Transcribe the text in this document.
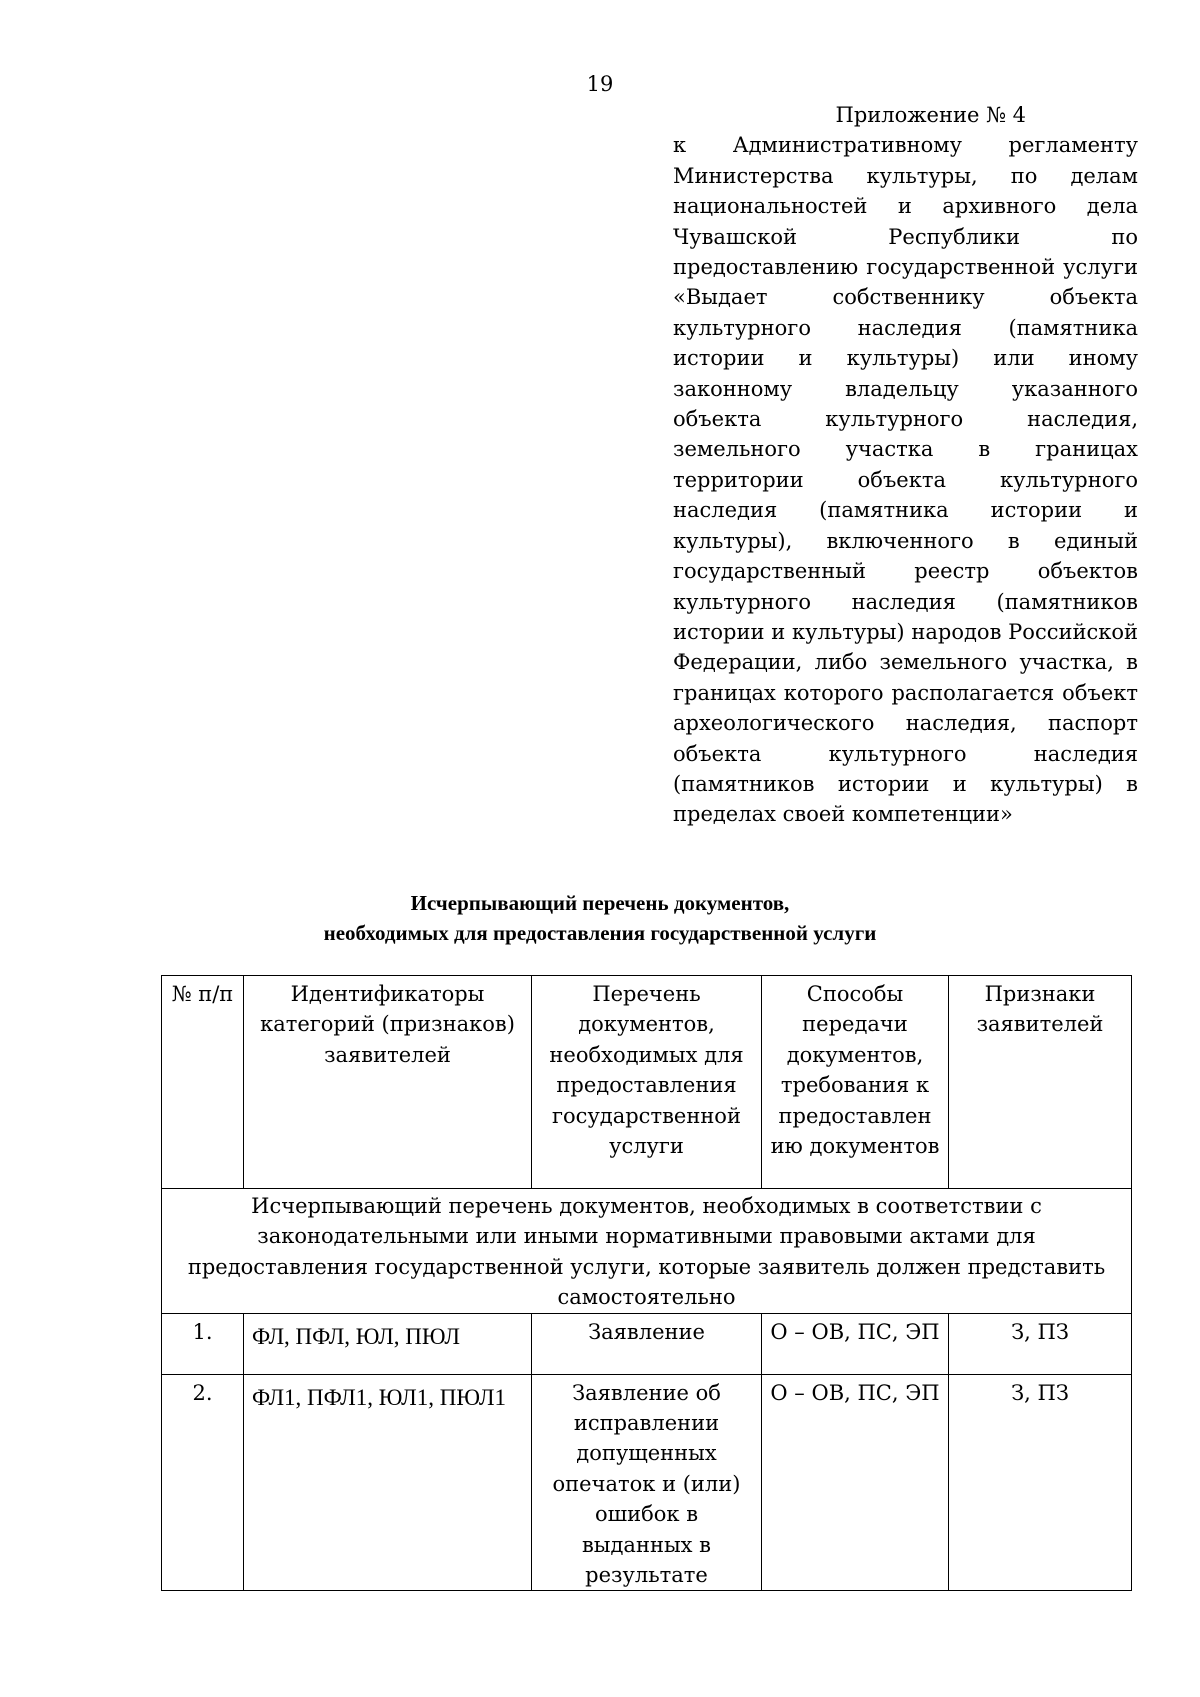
19
Приложение № 4
к Административному регламенту Министерства культуры, по делам национальностей и архивного дела Чувашской Республики по предоставлению государственной услуги «Выдает собственнику объекта культурного наследия (памятника истории и культуры) или иному законному владельцу указанного объекта культурного наследия, земельного участка в границах территории объекта культурного наследия (памятника истории и культуры), включенного в единый государственный реестр объектов культурного наследия (памятников истории и культуры) народов Российской Федерации, либо земельного участка, в границах которого располагается объект археологического наследия, паспорт объекта культурного наследия (памятников истории и культуры) в пределах своей компетенции»
Исчерпывающий перечень документов,
необходимых для предоставления государственной услуги
№ п/п	Идентификаторы категорий (признаков) заявителей	Перечень документов, необходимых для предоставления государственной услуги	Способы передачи документов, требования к предоставлен ию документов	Признаки заявителей
Исчерпывающий перечень документов, необходимых в соответствии с законодательными или иными нормативными правовыми актами для предоставления государственной услуги, которые заявитель должен представить самостоятельно				
1.	ФЛ, ПФЛ, ЮЛ, ПЮЛ	Заявление	О – ОВ, ПС, ЭП	З, ПЗ
2.	ФЛ1, ПФЛ1, ЮЛ1, ПЮЛ1	Заявление об исправлении допущенных опечаток и (или) ошибок в выданных в результате	О – ОВ, ПС, ЭП	З, ПЗ
